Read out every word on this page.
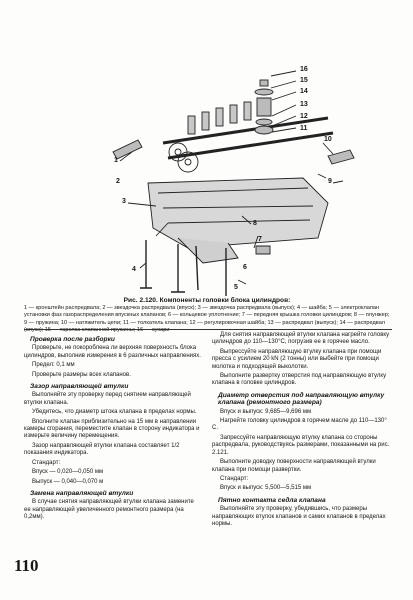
16
15
14
13
12
11
10
9
8
7
6
5
4
3
2
1
Рис. 2.120. Компоненты головки блока цилиндров:
1 — кронштейн распредвала; 2 — звездочка распредвала (впуск); 3 — звездочка распредвала (выпуск); 4 — шайба; 5 — электроклапан установки фаз газораспределения впускных клапанов; 6 — кольцевое уплотнение; 7 — передняя крышка головки цилиндров; 8 — плунжер; 9 — пружина; 10 — натяжитель цепи; 11 — толкатель клапана; 12 — регулировочная шайба; 13 — распредвал (выпуск); 14 — распредвал
Проверка после разборки

Проверьте, не покороблена ли верхняя поверхность блока цилиндров, выполнив измерения в 6 различных направлениях.

Предел: 0,1 мм

Проверьте размеры всех клапанов.

Зазор направляющей втулки

Выполняйте эту проверку перед снятием направляющей втулки клапана.

Убедитесь, что диаметр штока клапана в пределах нормы.

Вполните клапан приблизительно на 15 мм в направлении камеры сгорания, переместите клапан в сторону индикатора и измерьте величину перемещения.

Зазор направляющей втулки клапана составляет 1/2 показания индикатора.

Стандарт:

Впуск — 0,020—0,050 мм

Выпуск — 0,040—0,070 м

Замена направляющей втулки

В случае снятия направляющей втулки клапана замените ее направляющей увеличенного ремонтного размера (на 0,2мм).

Для снятия направляющей втулки клапана нагрейте головку цилиндров до 110—130°С, погрузив ее в горячее масло.

Выпрессуйте направляющую втулку клапана при помощи пресса с усилием 20 kN (2 тонны) или выбейте при помощи молотка и подходящей выколотки.

Выполните развертку отверстия под направляющую втулку клапана в головке цилиндров.

Диаметр отверстия под направляющую втулку клапана (ремонтного размера)

Впуск и выпуск: 9,685—9,696 мм

Нагрейте головку цилиндров в горячем масле до 110—130° С.

Запрессуйте направляющую втулку клапана со стороны распредвала, руководствуясь размерами, показанными на рис. 2.121.

Выполните доводку поверхности направляющей втулки клапана при помощи развертки.

Стандарт:

Впуск и выпуск: 5,500—5,515 мм

Пятно контакта седла клапана

Выполняйте эту проверку, убедившись, что размеры направляющих втулок клапанов и самих клапанов в пределах нормы.

110
